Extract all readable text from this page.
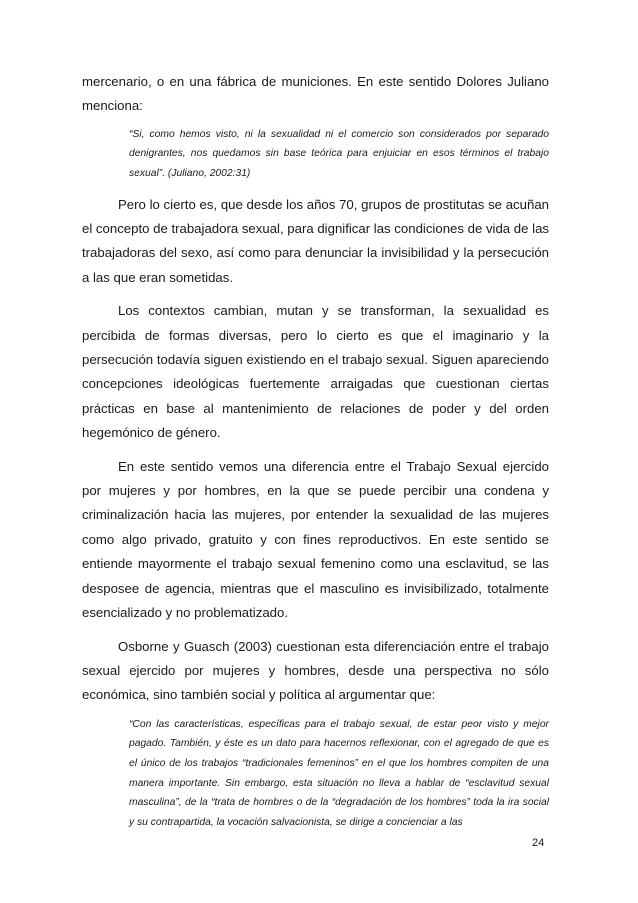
mercenario, o en una fábrica de municiones. En este sentido Dolores Juliano menciona:

“Si, como hemos visto, ni la sexualidad ni el comercio son considerados por separado denigrantes, nos quedamos sin base teórica para enjuiciar en esos términos el trabajo sexual”. (Juliano, 2002:31)

Pero lo cierto es, que desde los años 70, grupos de prostitutas se acuñan el concepto de trabajadora sexual, para dignificar las condiciones de vida de las trabajadoras del sexo, así como para denunciar la invisibilidad y la persecución a las que eran sometidas.

Los contextos cambian, mutan y se transforman, la sexualidad es percibida de formas diversas, pero lo cierto es que el imaginario y la persecución todavía siguen existiendo en el trabajo sexual. Siguen apareciendo concepciones ideológicas fuertemente arraigadas que cuestionan ciertas prácticas en base al mantenimiento de relaciones de poder y del orden hegemónico de género.

En este sentido vemos una diferencia entre el Trabajo Sexual ejercido por mujeres y por hombres, en la que se puede percibir una condena y criminalización hacia las mujeres, por entender la sexualidad de las mujeres como algo privado, gratuito y con fines reproductivos. En este sentido se entiende mayormente el trabajo sexual femenino como una esclavitud, se las desposee de agencia, mientras que el masculino es invisibilizado, totalmente esencializado y no problematizado.

Osborne y Guasch (2003) cuestionan esta diferenciación entre el trabajo sexual ejercido por mujeres y hombres, desde una perspectiva no sólo económica, sino también social y política al argumentar que:

“Con las características, específicas para el trabajo sexual, de estar peor visto y mejor pagado. También, y éste es un dato para hacernos reflexionar, con el agregado de que es el único de los trabajos “tradicionales femeninos” en el que los hombres compiten de una manera importante. Sin embargo, esta situación no lleva a hablar de “esclavitud sexual masculina”, de la “trata de hombres o de la “degradación de los hombres” toda la ira social y su contrapartida, la vocación salvacionista, se dirige a concienciar a las

24
